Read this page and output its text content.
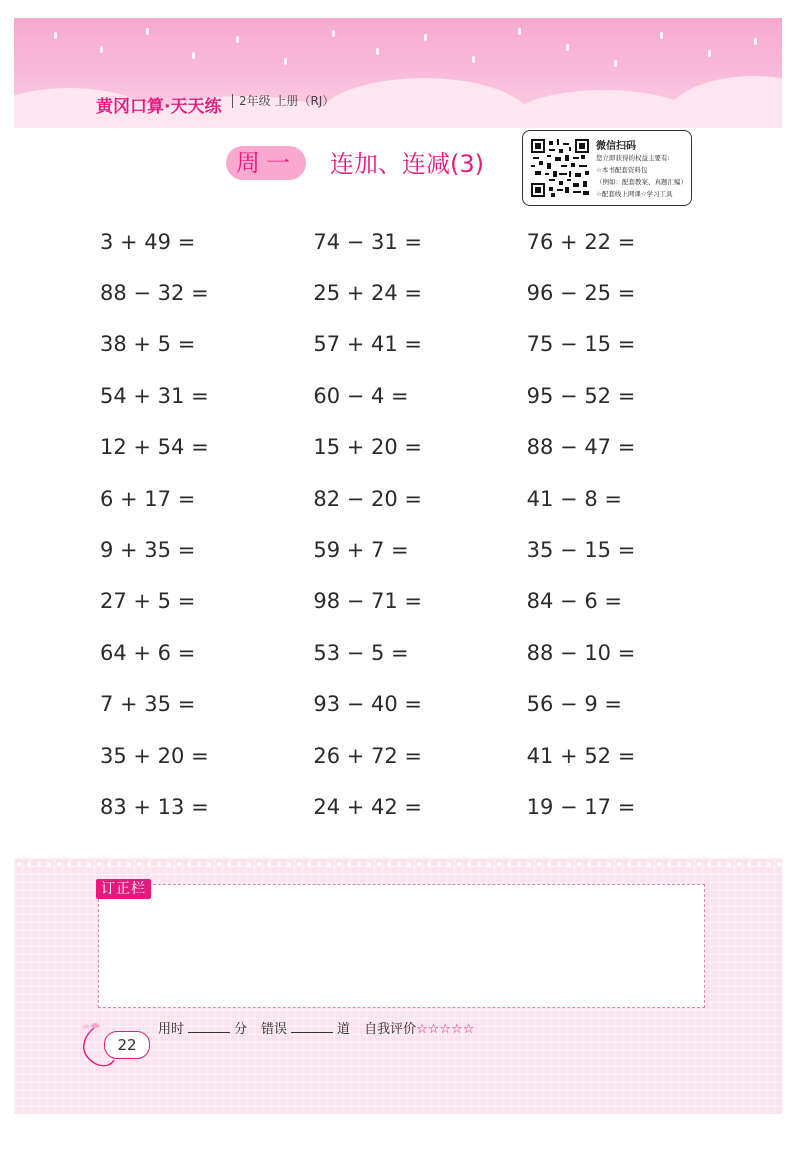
黄冈口算·天天练	2年级 上册（RJ）
周一	连加、连减(3)
微信扫码
您立即获得的权益主要有:
☆本书配套资料包
（例如：配套教案、真题汇编）
☆配套线上网课☆学习工具
3 + 49 =	74 − 31 =	76 + 22 =
88 − 32 =	25 + 24 =	96 − 25 =
38 + 5 =	57 + 41 =	75 − 15 =
54 + 31 =	60 − 4 =	95 − 52 =
12 + 54 =	15 + 20 =	88 − 47 =
6 + 17 =	82 − 20 =	41 − 8 =
9 + 35 =	59 + 7 =	35 − 15 =
27 + 5 =	98 − 71 =	84 − 6 =
64 + 6 =	53 − 5 =	88 − 10 =
7 + 35 =	93 − 40 =	56 − 9 =
35 + 20 =	26 + 72 =	41 + 52 =
83 + 13 =	24 + 42 =	19 − 17 =
订正栏
22
用时	分 错误	道 自我评价☆☆☆☆☆
